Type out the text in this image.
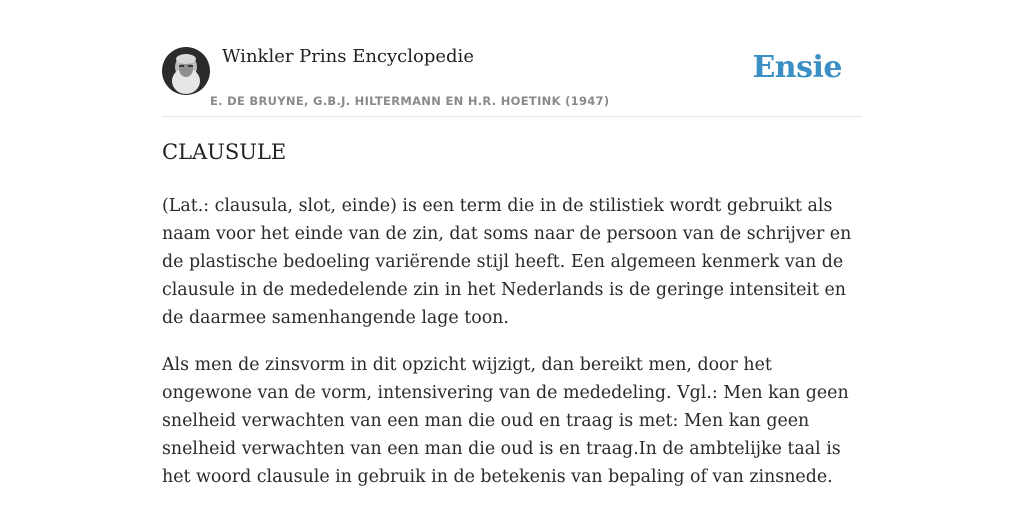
Winkler Prins Encyclopedie
E. DE BRUYNE, G.B.J. HILTERMANN EN H.R. HOETINK (1947)
Ensie
CLAUSULE

(Lat.: clausula, slot, einde) is een term die in de stilistiek wordt gebruikt als naam voor het einde van de zin, dat soms naar de persoon van de schrijver en de plastische bedoeling variërende stijl heeft. Een algemeen kenmerk van de clausule in de mededelende zin in het Nederlands is de geringe intensiteit en de daarmee samenhangende lage toon.

Als men de zinsvorm in dit opzicht wijzigt, dan bereikt men, door het ongewone van de vorm, intensivering van de mededeling. Vgl.: Men kan geen snelheid verwachten van een man die oud en traag is met: Men kan geen snelheid verwachten van een man die oud is en traag.In de ambtelijke taal is het woord clausule in gebruik in de betekenis van bepaling of van zinsnede.
